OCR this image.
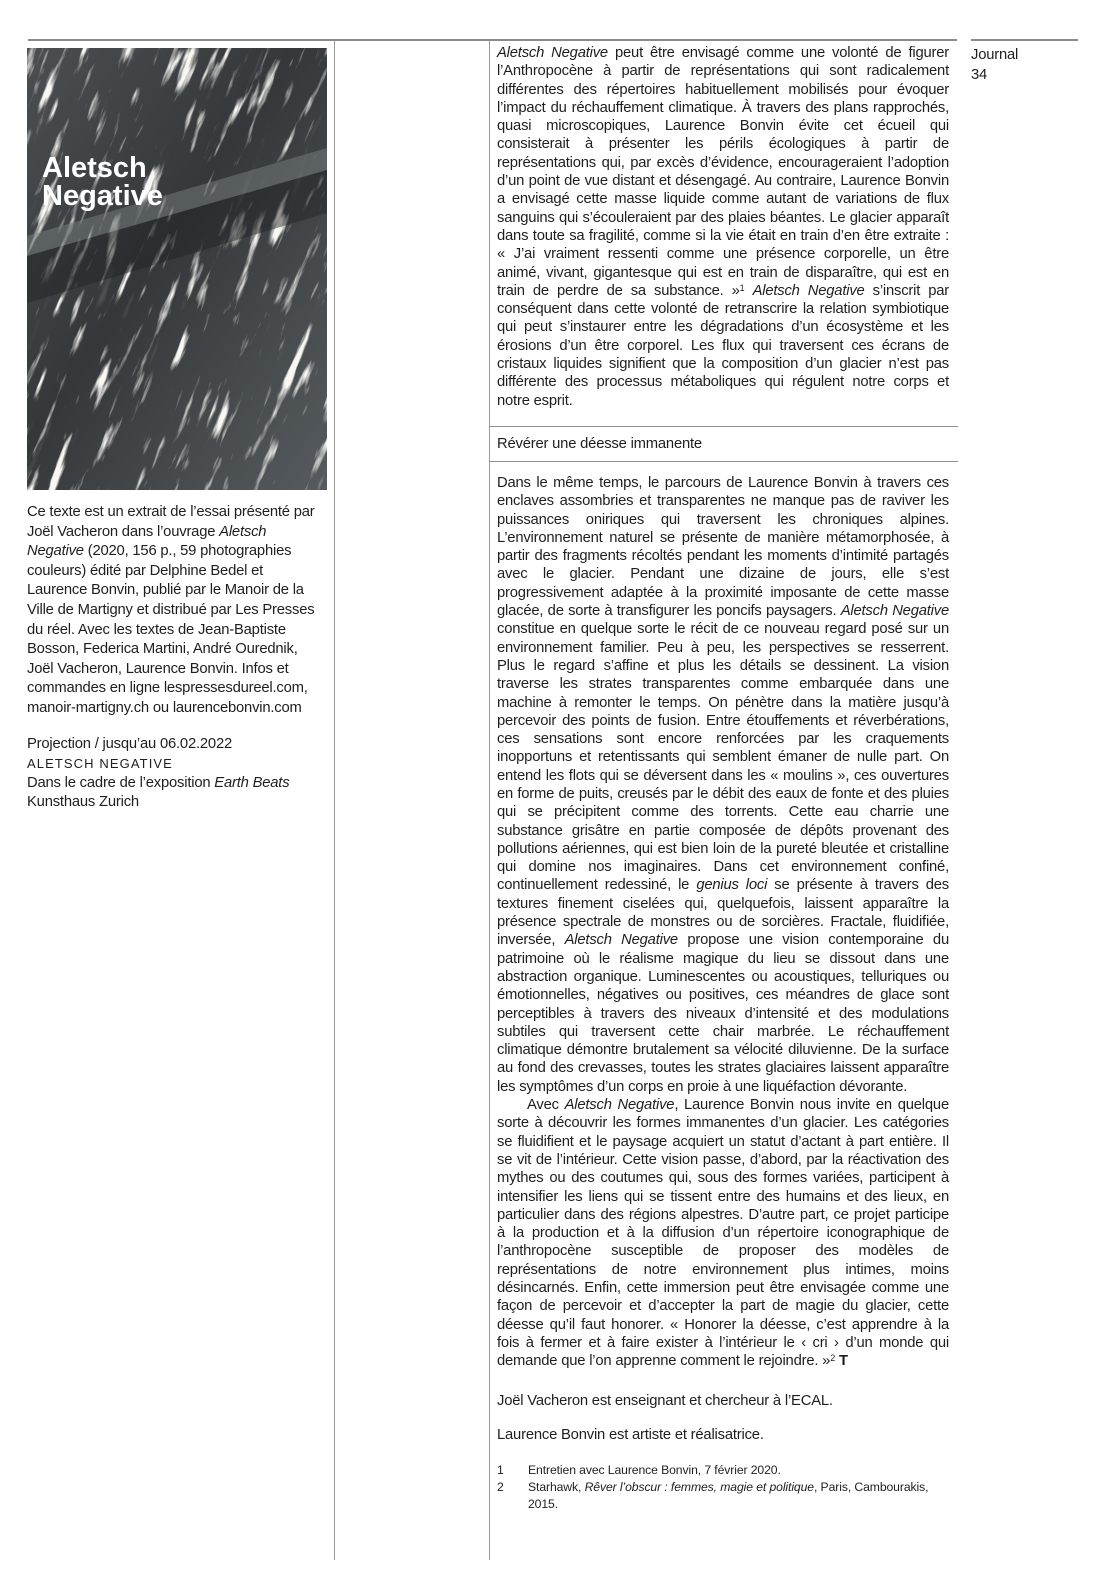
Journal
34
Aletsch
Negative
Ce texte est un extrait de l’essai présenté par Joël Vacheron dans l’ouvrage Aletsch Negative (2020, 156 p., 59 photographies couleurs) édité par Delphine Bedel et Laurence Bonvin, publié par le Manoir de la Ville de Martigny et distribué par Les Presses du réel. Avec les textes de Jean-Baptiste Bosson, Federica Martini, André Ourednik, Joël Vacheron, Laurence Bonvin. Infos et commandes en ligne lespressesdureel.com, manoir-martigny.ch ou laurencebonvin.com
Projection / jusqu’au 06.02.2022
ALETSCH NEGATIVE
Dans le cadre de l’exposition Earth Beats
Kunsthaus Zurich
Aletsch Negative peut être envisagé comme une volonté de figurer l’Anthropocène à partir de représentations qui sont radicalement différentes des répertoires habituellement mobilisés pour évoquer l’impact du réchauffement climatique. À travers des plans rapprochés, quasi microscopiques, Laurence Bonvin évite cet écueil qui consisterait à présenter les périls écologiques à partir de représentations qui, par excès d’évidence, encourageraient l’adoption d’un point de vue distant et désengagé. Au contraire, Laurence Bonvin a envisagé cette masse liquide comme autant de variations de flux sanguins qui s’écouleraient par des plaies béantes. Le glacier apparaît dans toute sa fragilité, comme si la vie était en train d’en être extraite : « J’ai vraiment ressenti comme une présence corporelle, un être animé, vivant, gigantesque qui est en train de disparaître, qui est en train de perdre de sa substance. »$^1$ Aletsch Negative s’inscrit par conséquent dans cette volonté de retranscrire la relation symbiotique qui peut s’instaurer entre les dégradations d’un écosystème et les érosions d’un être corporel. Les flux qui traversent ces écrans de cristaux liquides signifient que la composition d’un glacier n’est pas différente des processus métaboliques qui régulent notre corps et notre esprit.
Révérer une déesse immanente
Dans le même temps, le parcours de Laurence Bonvin à travers ces enclaves assombries et transparentes ne manque pas de raviver les puissances oniriques qui traversent les chroniques alpines. L’environnement naturel se présente de manière métamorphosée, à partir des fragments récoltés pendant les moments d’intimité partagés avec le glacier. Pendant une dizaine de jours, elle s’est progressivement adaptée à la proximité imposante de cette masse glacée, de sorte à transfigurer les poncifs paysagers. Aletsch Negative constitue en quelque sorte le récit de ce nouveau regard posé sur un environnement familier. Peu à peu, les perspectives se resserrent. Plus le regard s’affine et plus les détails se dessinent. La vision traverse les strates transparentes comme embarquée dans une machine à remonter le temps. On pénètre dans la matière jusqu’à percevoir des points de fusion. Entre étouffements et réverbérations, ces sensations sont encore renforcées par les craquements inopportuns et retentissants qui semblent émaner de nulle part. On entend les flots qui se déversent dans les « moulins », ces ouvertures en forme de puits, creusés par le débit des eaux de fonte et des pluies qui se précipitent comme des torrents. Cette eau charrie une substance grisâtre en partie composée de dépôts provenant des pollutions aériennes, qui est bien loin de la pureté bleutée et cristalline qui domine nos imaginaires. Dans cet environnement confiné, continuellement redessiné, le genius loci se présente à travers des textures finement ciselées qui, quelquefois, laissent apparaître la présence spectrale de monstres ou de sorcières. Fractale, fluidifiée, inversée, Aletsch Negative propose une vision contemporaine du patrimoine où le réalisme magique du lieu se dissout dans une abstraction organique. Luminescentes ou acoustiques, telluriques ou émotionnelles, négatives ou positives, ces méandres de glace sont perceptibles à travers des niveaux d’intensité et des modulations subtiles qui traversent cette chair marbrée. Le réchauffement climatique démontre brutalement sa vélocité diluvienne. De la surface au fond des crevasses, toutes les strates glaciaires laissent apparaître les symptômes d’un corps en proie à une liquéfaction dévorante.
Avec Aletsch Negative, Laurence Bonvin nous invite en quelque sorte à découvrir les formes immanentes d’un glacier. Les catégories se fluidifient et le paysage acquiert un statut d’actant à part entière. Il se vit de l’intérieur. Cette vision passe, d’abord, par la réactivation des mythes ou des coutumes qui, sous des formes variées, participent à intensifier les liens qui se tissent entre des humains et des lieux, en particulier dans des régions alpestres. D’autre part, ce projet participe à la production et à la diffusion d’un répertoire iconographique de l’anthropocène susceptible de proposer des modèles de représentations de notre environnement plus intimes, moins désincarnés. Enfin, cette immersion peut être envisagée comme une façon de percevoir et d’accepter la part de magie du glacier, cette déesse qu’il faut honorer. « Honorer la déesse, c’est apprendre à la fois à fermer et à faire exister à l’intérieur le ‹ cri › d’un monde qui demande que l’on apprenne comment le rejoindre. »$^2$ T
Joël Vacheron est enseignant et chercheur à l’ECAL.
Laurence Bonvin est artiste et réalisatrice.
1	Entretien avec Laurence Bonvin, 7 février 2020.
2	Starhawk, Rêver l’obscur : femmes, magie et politique, Paris, Cambourakis, 2015.
